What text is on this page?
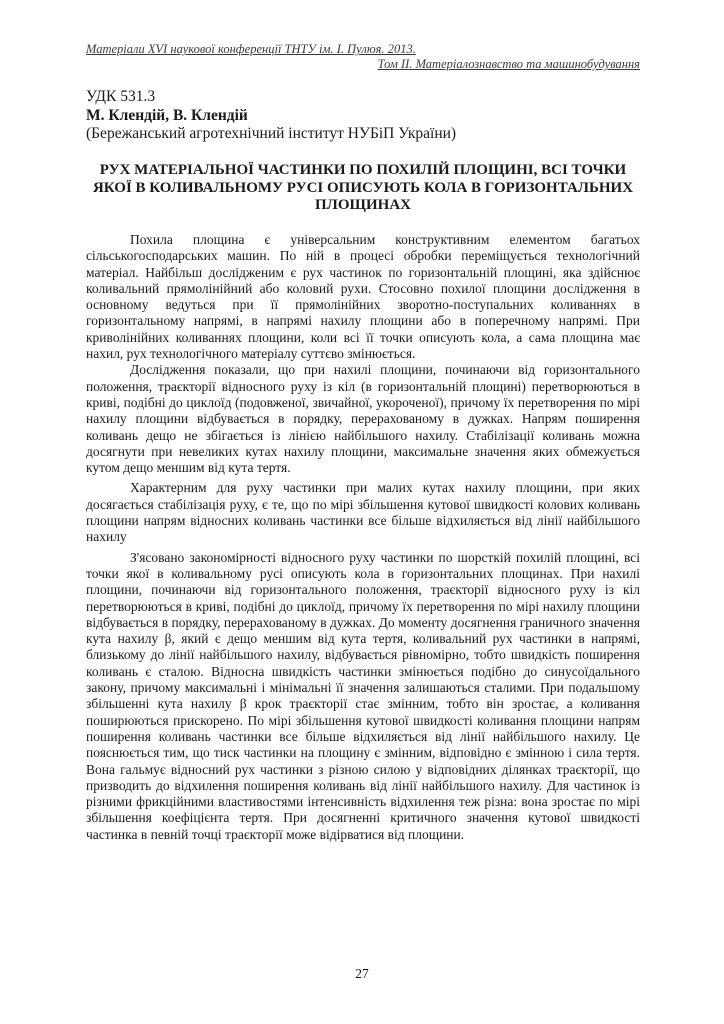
Матеріали XVІ наукової конференції ТНТУ ім. І. Пулюя. 2013.
Том ІІ. Матеріалознавство та машинобудування
УДК 531.3
М. Клендій, В. Клендій
(Бережанський агротехнічний інститут НУБіП України)
РУХ МАТЕРІАЛЬНОЇ ЧАСТИНКИ ПО ПОХИЛІЙ ПЛОЩИНІ, ВСІ ТОЧКИ ЯКОЇ В КОЛИВАЛЬНОМУ РУСІ ОПИСУЮТЬ КОЛА В ГОРИЗОНТАЛЬНИХ ПЛОЩИНАХ

Похила площина є універсальним конструктивним елементом багатьох сільськогосподарських машин. По ній в процесі обробки переміщується технологічний матеріал. Найбільш дослідженим є рух частинок по горизонтальній площині, яка здійснює коливальний прямолінійний або коловий рухи. Стосовно похилої площини дослідження в основному ведуться при її прямолінійних зворотно-поступальних коливаннях в горизонтальному напрямі, в напрямі нахилу площини або в поперечному напрямі. При криволінійних коливаннях площини, коли всі її точки описують кола, а сама площина має нахил, рух технологічного матеріалу суттєво змінюється.

Дослідження показали, що при нахилі площини, починаючи від горизонтального положення, траєкторії відносного руху із кіл (в горизонтальній площині) перетворюються в криві, подібні до циклоїд (подовженої, звичайної, укороченої), причому їх перетворення по мірі нахилу площини відбувається в порядку, перерахованому в дужках. Напрям поширення коливань дещо не збігається із лінією найбільшого нахилу. Стабілізації коливань можна досягнути при невеликих кутах нахилу площини, максимальне значення яких обмежується кутом дещо меншим від кута тертя.

Характерним для руху частинки при малих кутах нахилу площини, при яких досягається стабілізація руху, є те, що по мірі збільшення кутової швидкості колових коливань площини напрям відносних коливань частинки все більше відхиляється від лінії найбільшого нахилу

З'ясовано закономірності відносного руху частинки по шорсткій похилій площині, всі точки якої в коливальному русі описують кола в горизонтальних площинах. При нахилі площини, починаючи від горизонтального положення, траєкторії відносного руху із кіл перетворюються в криві, подібні до циклоїд, причому їх перетворення по мірі нахилу площини відбувається в порядку, перерахованому в дужках. До моменту досягнення граничного значення кута нахилу β, який є дещо меншим від кута тертя, коливальний рух частинки в напрямі, близькому до лінії найбільшого нахилу, відбувається рівномірно, тобто швидкість поширення коливань є сталою. Відносна швидкість частинки змінюється подібно до синусоїдального закону, причому максимальні і мінімальні її значення залишаються сталими. При подальшому збільшенні кута нахилу β крок траєкторії стає змінним, тобто він зростає, а коливання поширюються прискорено. По мірі збільшення кутової швидкості коливання площини напрям поширення коливань частинки все більше відхиляється від лінії найбільшого нахилу. Це пояснюється тим, що тиск частинки на площину є змінним, відповідно є змінною і сила тертя. Вона гальмує відносний рух частинки з різною силою у відповідних ділянках траєкторії, що призводить до відхилення поширення коливань від лінії найбільшого нахилу. Для частинок із різними фрикційними властивостями інтенсивність відхилення теж різна: вона зростає по мірі збільшення коефіцієнта тертя. При досягненні критичного значення кутової швидкості частинка в певній точці траєкторії може відірватися від площини.

27
